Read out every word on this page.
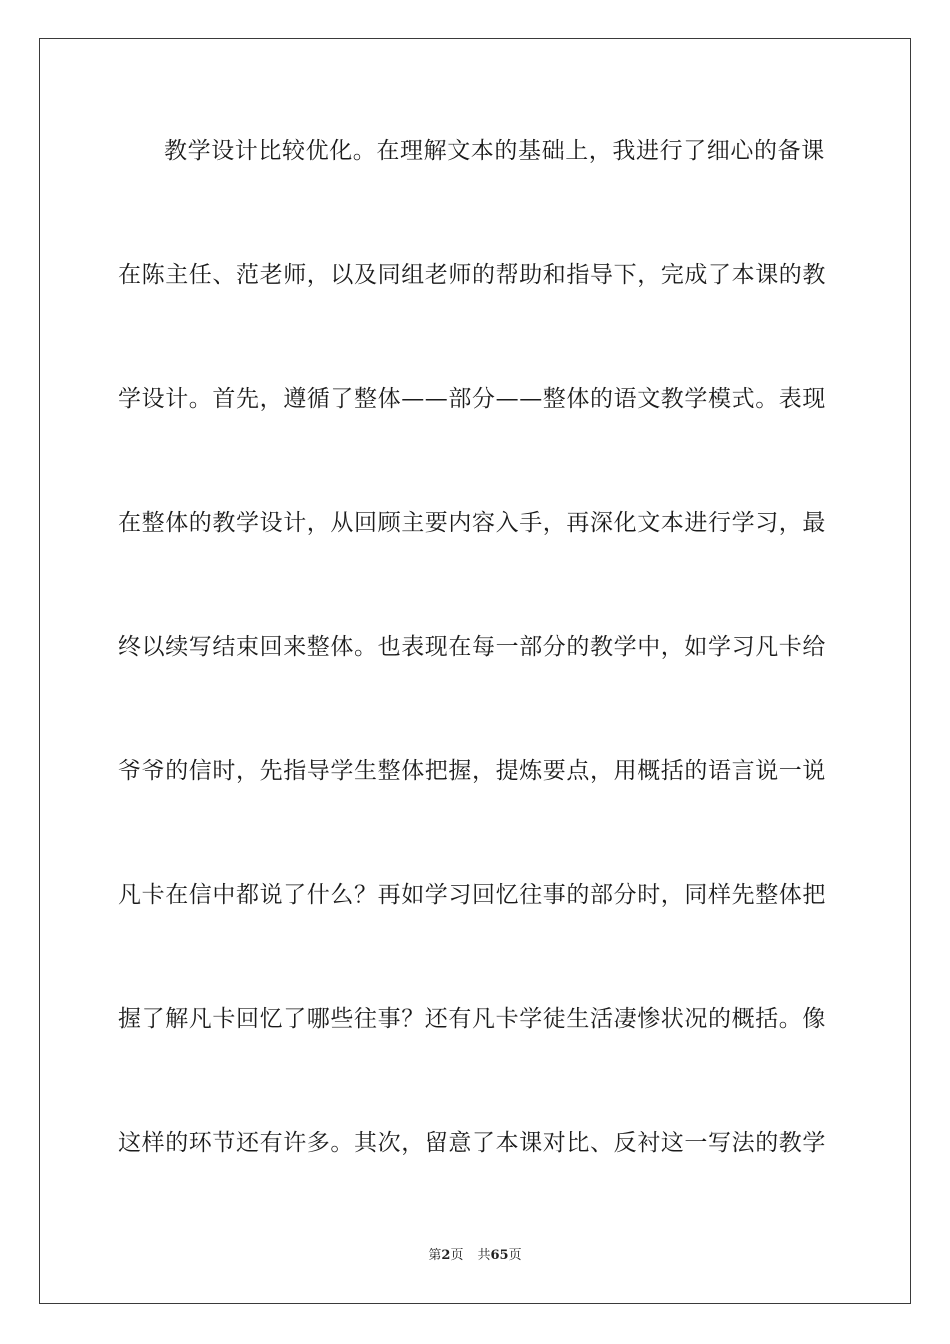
教学设计比较优化。在理解文本的基础上，我进行了细心的备课
在陈主任、范老师，以及同组老师的帮助和指导下，完成了本课的教
学设计。首先，遵循了整体——部分——整体的语文教学模式。表现
在整体的教学设计，从回顾主要内容入手，再深化文本进行学习，最
终以续写结束回来整体。也表现在每一部分的教学中，如学习凡卡给
爷爷的信时，先指导学生整体把握，提炼要点，用概括的语言说一说
凡卡在信中都说了什么？再如学习回忆往事的部分时，同样先整体把
握了解凡卡回忆了哪些往事？还有凡卡学徒生活凄惨状况的概括。像
这样的环节还有许多。其次，留意了本课对比、反衬这一写法的教学
第2页 共65页
